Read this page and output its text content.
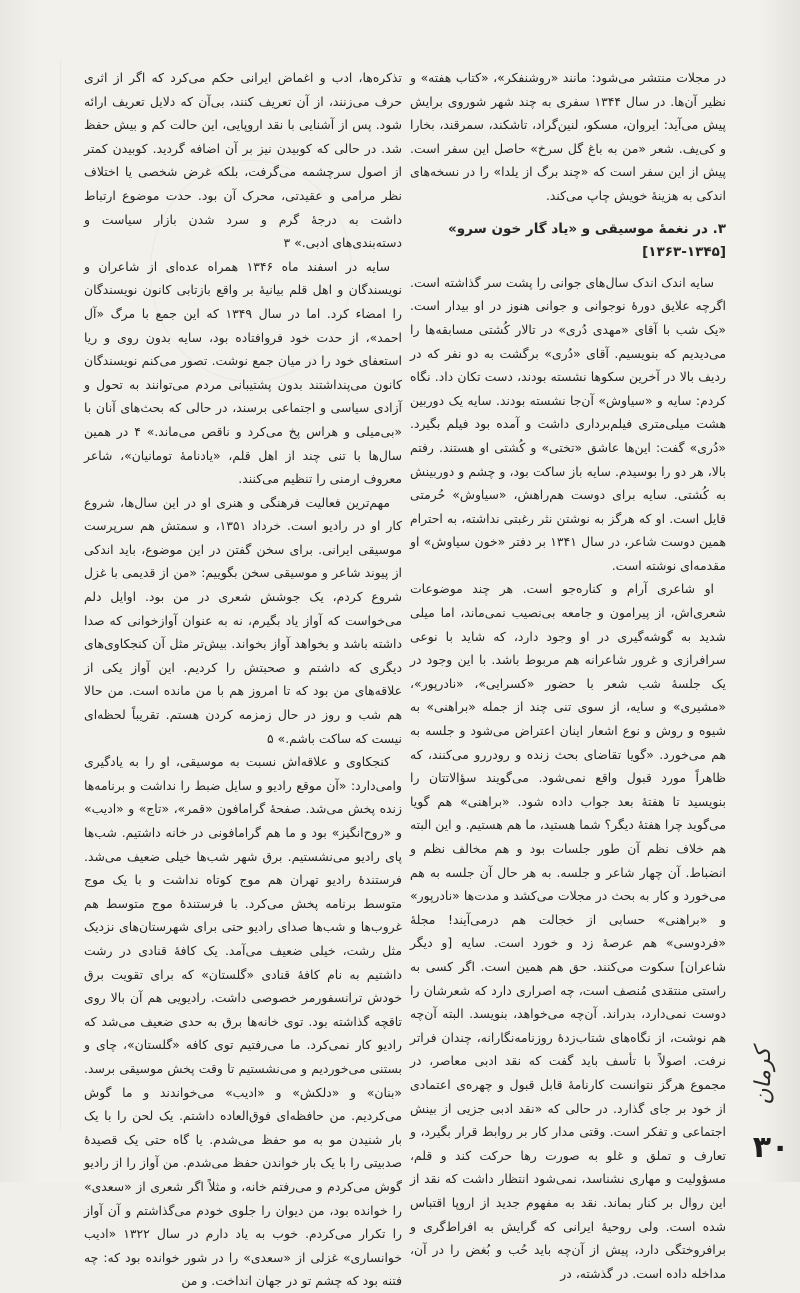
در مجلات منتشر می‌شود: مانند «روشنفکر»، «کتاب هفته» و نظیر آن‌ها. در سال ۱۳۴۴ سفری به چند شهر شوروی برایش پیش می‌آید: ایروان، مسکو، لنین‌گراد، تاشکند، سمرقند، بخارا و کی‌یف. شعر «من به باغ گل سرخ» حاصل این سفر است. پیش از این سفر است که «چند برگ از یلدا» را در نسخه‌های اندکی به هزینهٔ خویش چاپ می‌کند.

۳. در نغمهٔ موسیقی و «یاد گار خون سرو» [۱۳۴۵-۱۳۶۳]

سایه اندک اندک سال‌های جوانی را پشت سر گذاشته است. اگرچه علایق دورهٔ نوجوانی و جوانی هنوز در او بیدار است. «یک شب با آقای «مهدی دُری» در تالار کُشتی مسابقه‌ها را می‌دیدیم که بنویسیم. آقای «دُری» برگشت به دو نفر که در ردیف بالا در آخرین سکوها نشسته بودند، دست تکان داد. نگاه کردم: سایه و «سیاوش» آن‌جا نشسته بودند. سایه یک دوربین هشت میلی‌متری فیلم‌برداری داشت و آمده بود فیلم بگیرد. «دُری» گفت: این‌ها عاشق «تختی» و کُشتی او هستند. رفتم بالا، هر دو را بوسیدم. سایه باز ساکت بود، و چشم و دوربینش به کُشتی. سایه برای دوست هم‌راهش، «سیاوش» حُرمتی قایل است. او که هرگز به نوشتن نثر رغبتی نداشته، به احترام همین دوست شاعر، در سال ۱۳۴۱ بر دفتر «خون سیاوش» او مقدمه‌ای نوشته است.

او شاعری آرام و کناره‌جو است. هر چند موضوعات شعری‌اش، از پیرامون و جامعه بی‌نصیب نمی‌ماند، اما میلی شدید به گوشه‌گیری در او وجود دارد، که شاید با نوعی سرافرازی و غرور شاعرانه هم مربوط باشد. با این وجود در یک جلسهٔ شب شعر با حضور «کسرایی»، «نادرپور»، «مشیری» و سایه، از سوی تنی چند از جمله «براهنی» به شیوه و روش و نوع اشعار اینان اعتراض می‌شود و جلسه به هم می‌خورد. «گویا تقاضای بحث زنده و رودررو می‌کنند، که ظاهراً مورد قبول واقع نمی‌شود. می‌گویند سؤالاتتان را بنویسید تا هفتهٔ بعد جواب داده شود. «براهنی» هم گویا می‌گوید چرا هفتهٔ دیگر؟ شما هستید، ما هم هستیم. و این البته هم خلاف نظم آن طور جلسات بود و هم مخالف نظم و انضباط. آن چهار شاعر و جلسه. به هر حال آن جلسه به هم می‌خورد و کار به بحث در مجلات می‌کشد و مدت‌ها «نادرپور» و «براهنی» حسابی از خجالت هم درمی‌آیند! مجلهٔ «فردوسی» هم عرصهٔ زد و خورد است. سایه [و دیگر شاعران] سکوت می‌کنند. حق هم همین است. اگر کسی به راستی منتقدی مُنصف است، چه اصراری دارد که شعرشان را دوست نمی‌دارد، بدراند. آن‌چه می‌خواهد، بنویسد. البته آن‌چه هم نوشت، از نگاه‌های شتاب‌زدهٔ روزنامه‌نگارانه، چندان فراتر نرفت. اصولاً با تأسف باید گفت که نقد ادبی معاصر، در مجموع هرگز نتوانست کارنامهٔ قابل قبول و چهره‌ی اعتمادی از خود بر جای گذارد. در حالی که «نقد ادبی جزیی از بینش اجتماعی و تفکر است. وقتی مدار کار بر روابط قرار بگیرد، و تعارف و تملق و غلو به صورت رها حرکت کند و قلم، مسؤولیت و مهاری نشناسد، نمی‌شود انتظار داشت که نقد از این روال بر کنار بماند. نقد به مفهوم جدید از اروپا اقتباس شده است. ولی روحیهٔ ایرانی که گرایش به افراط‌گری و برافروختگی دارد، پیش از آن‌چه باید حُب و بُغض را در آن، مداخله داده است. در گذشته، در

تذکره‌ها، ادب و اغماض ایرانی حکم می‌کرد که اگر از اثری حرف می‌زنند، از آن تعریف کنند، بی‌آن که دلایل تعریف ارائه شود. پس از آشنایی با نقد اروپایی، این حالت کم و بیش حفظ شد. در حالی که کوبیدن نیز بر آن اضافه گردید. کوبیدن کمتر از اصول سرچشمه می‌گرفت، بلکه غرض شخصی یا اختلاف نظر مرامی و عقیدتی، محرک آن بود. حدت موضوع ارتباط داشت به درجهٔ گرم و سرد شدن بازار سیاست و دسته‌بندی‌های ادبی.» ۳

سایه در اسفند ماه ۱۳۴۶ همراه عده‌ای از شاعران و نویسندگان و اهل قلم بیانیهٔ بر واقع بازتابی کانون نویسندگان را امضاء کرد. اما در سال ۱۳۴۹ که این جمع با مرگ «آل احمد»، از حدت خود فروافتاده بود، سایه بدون روی و ریا استعفای خود را در میان جمع نوشت. تصور می‌کنم نویسندگان کانون می‌پنداشتند بدون پشتیبانی مردم می‌توانند به تحول و آزادی سیاسی و اجتماعی برسند، در حالی که بحث‌های آنان با «بی‌میلی و هراس پخ می‌کرد و ناقص می‌ماند.» ۴ در همین سال‌ها با تنی چند از اهل قلم، «یادنامهٔ تومانیان»، شاعر معروف ارمنی را تنظیم می‌کنند.

مهم‌ترین فعالیت فرهنگی و هنری او در این سال‌ها، شروع کار او در رادیو است. خرداد ۱۳۵۱، و سمتش هم سرپرست موسیقی ایرانی. برای سخن گفتن در این موضوع، باید اندکی از پیوند شاعر و موسیقی سخن بگوییم: «من از قدیمی با غزل شروع کردم، یک جوشش شعری در من بود. اوایل دلم می‌خواست که آواز یاد بگیرم، نه به عنوان آوازخوانی که صدا داشته باشد و بخواهد آواز بخواند. بیش‌تر مثل آن کنجکاوی‌های دیگری که داشتم و صحبتش را کردیم. این آواز یکی از علاقه‌های من بود که تا امروز هم با من مانده است. من حالا هم شب و روز در حال زمزمه کردن هستم. تقریباً لحظه‌ای نیست که ساکت باشم.» ۵

کنجکاوی و علاقه‌اش نسبت به موسیقی، او را به یادگیری وامی‌دارد: «آن موقع رادیو و سایل ضبط را نداشت و برنامه‌ها زنده پخش می‌شد. صفحهٔ گرامافون «قمر»، «تاج» و «ادیب» و «روح‌انگیز» بود و ما هم گرامافونی در خانه داشتیم. شب‌ها پای رادیو می‌نشستیم. برق شهر شب‌ها خیلی ضعیف می‌شد. فرستندهٔ رادیو تهران هم موج کوتاه نداشت و با یک موج متوسط برنامه پخش می‌کرد. با فرستندهٔ موج متوسط هم غروب‌ها و شب‌ها صدای رادیو حتی برای شهرستان‌های نزدیک مثل رشت، خیلی ضعیف می‌آمد. یک کافهٔ قنادی در رشت داشتیم به نام کافهٔ قنادی «گلستان» که برای تقویت برق خودش ترانسفورمر خصوصی داشت. رادیویی هم آن بالا روی تاقچه گذاشته بود. توی خانه‌ها برق به حدی ضعیف می‌شد که رادیو کار نمی‌کرد. ما می‌رفتیم توی کافه «گلستان»، چای و بستنی می‌خوردیم و می‌نشستیم تا وقت پخش موسیقی برسد. «بنان» و «دلکش» و «ادیب» می‌خواندند و ما گوش می‌کردیم. من حافظه‌ای فوق‌العاده داشتم. یک لحن را با یک بار شنیدن مو به مو حفظ می‌شدم. یا گاه حتی یک قصیدهٔ صدبیتی را با یک بار خواندن حفظ می‌شدم. من آواز را از رادیو گوش می‌کردم و می‌رفتم خانه، و مثلاً اگر شعری از «سعدی» را خوانده بود، من دیوان را جلوی خودم می‌گذاشتم و آن آواز را تکرار می‌کردم. خوب به یاد دارم در سال ۱۳۲۲ «ادیب خوانساری» غزلی از «سعدی» را در شور خوانده بود که: چه فتنه بود که چشم تو در جهان انداخت. و من

کرمان
۳۰
